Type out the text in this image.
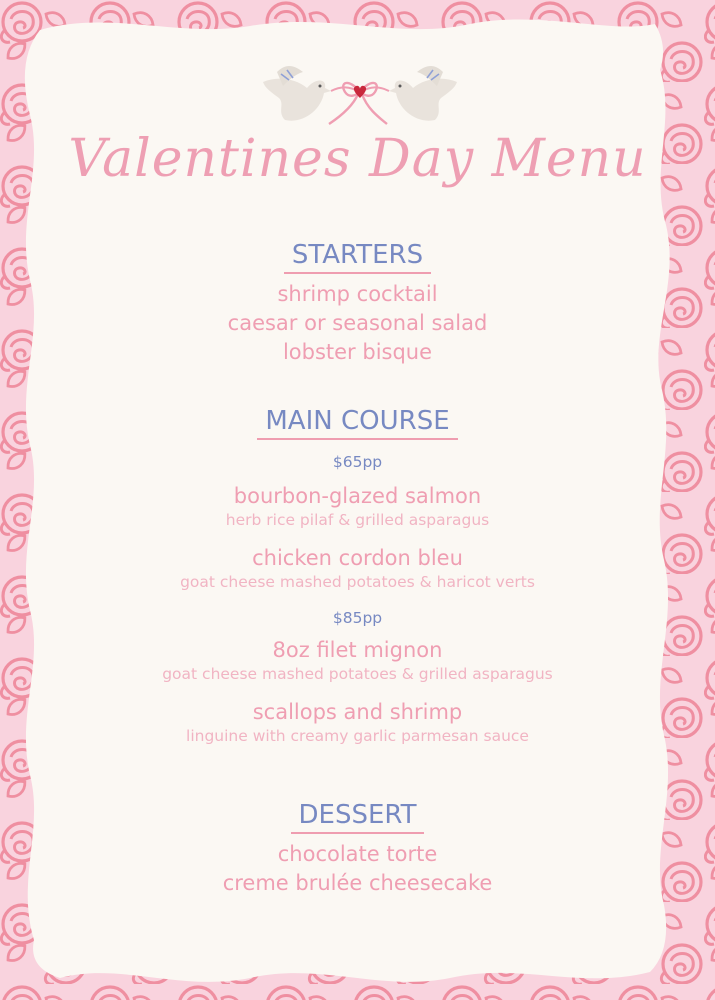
Valentines Day Menu
STARTERS
shrimp cocktail
caesar or seasonal salad
lobster bisque
MAIN COURSE
$65pp
bourbon-glazed salmon
herb rice pilaf & grilled asparagus
chicken cordon bleu
goat cheese mashed potatoes & haricot verts
$85pp
8oz filet mignon
goat cheese mashed potatoes & grilled asparagus
scallops and shrimp
linguine with creamy garlic parmesan sauce
DESSERT
chocolate torte
creme brulée cheesecake
